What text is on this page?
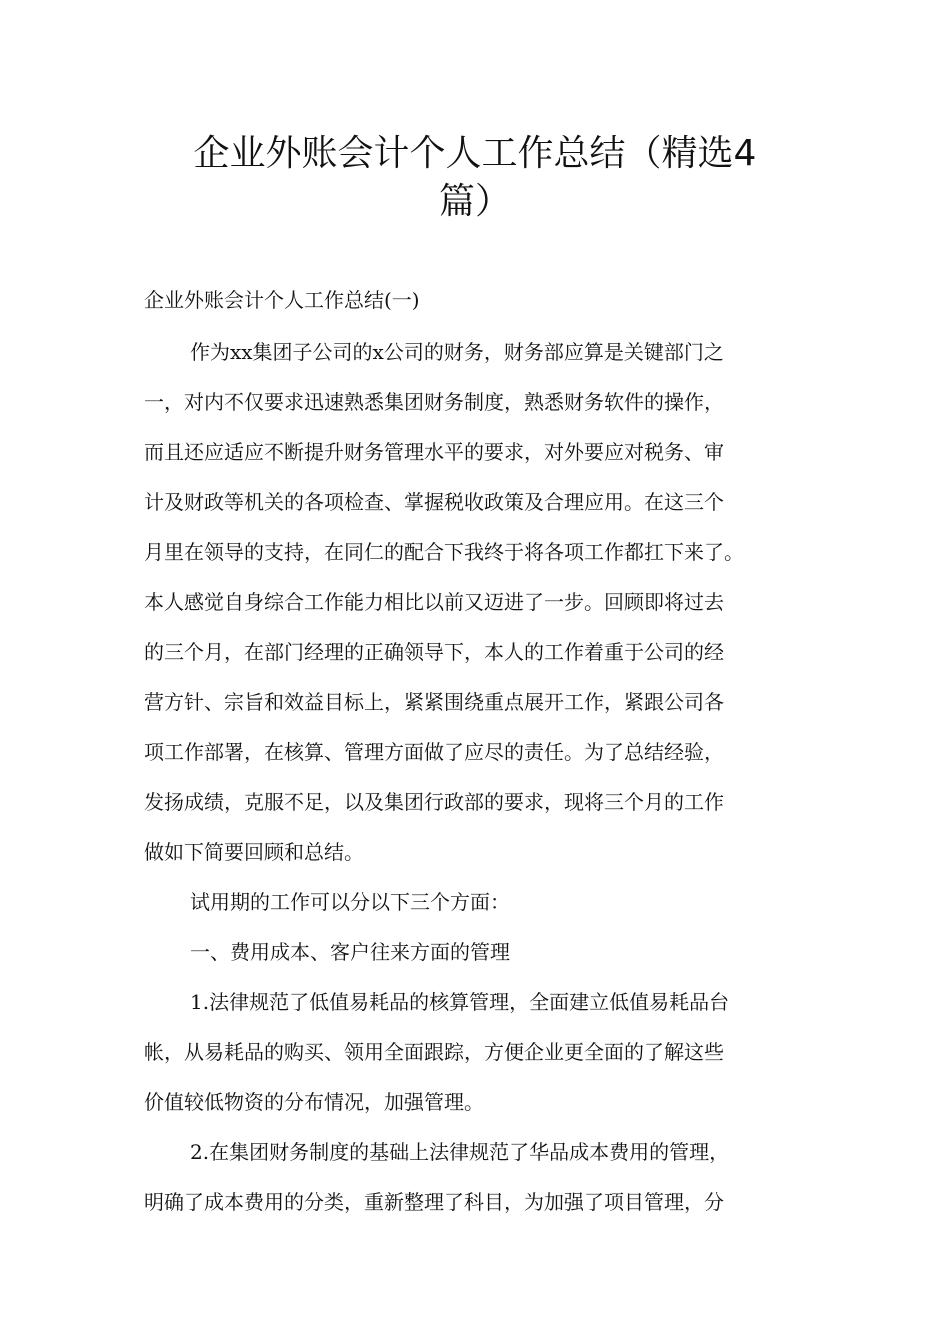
企业外账会计个人工作总结（精选4
篇）
企业外账会计个人工作总结(一)
作为xx集团子公司的x公司的财务，财务部应算是关键部门之
一，对内不仅要求迅速熟悉集团财务制度，熟悉财务软件的操作，
而且还应适应不断提升财务管理水平的要求，对外要应对税务、审
计及财政等机关的各项检查、掌握税收政策及合理应用。在这三个
月里在领导的支持，在同仁的配合下我终于将各项工作都扛下来了。
本人感觉自身综合工作能力相比以前又迈进了一步。回顾即将过去
的三个月，在部门经理的正确领导下，本人的工作着重于公司的经
营方针、宗旨和效益目标上，紧紧围绕重点展开工作，紧跟公司各
项工作部署，在核算、管理方面做了应尽的责任。为了总结经验，
发扬成绩，克服不足，以及集团行政部的要求，现将三个月的工作
做如下简要回顾和总结。
试用期的工作可以分以下三个方面：
一、费用成本、客户往来方面的管理
1.法律规范了低值易耗品的核算管理，全面建立低值易耗品台
帐，从易耗品的购买、领用全面跟踪，方便企业更全面的了解这些
价值较低物资的分布情况，加强管理。
2.在集团财务制度的基础上法律规范了华品成本费用的管理，
明确了成本费用的分类，重新整理了科目，为加强了项目管理，分
